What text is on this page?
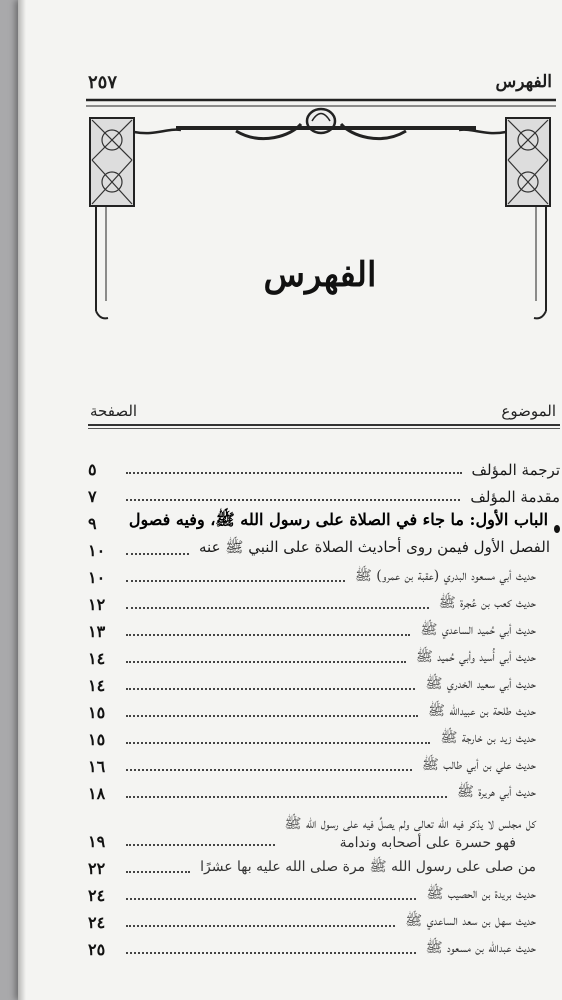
٢٥٧	الفهرس
الفهرس
الصفحة	الموضوع
ترجمة المؤلف
٥
مقدمة المؤلف
٧
الباب الأول: ما جاء في الصلاة على رسول الله ﷺ، وفيه فصول
٩
الفصل الأول فيمن روى أحاديث الصلاة على النبي ﷺ عنه
١٠
حديث أبي مسعود البدري (عقبة بن عمرو) ﷺ
١٠
حديث كعب بن عُجرة ﷺ
١٢
حديث أبي حُميد الساعدي ﷺ
١٣
حديث أبي أُسيد وأبي حُميد ﷺ
١٤
حديث أبي سعيد الخدري ﷺ
١٤
حديث طلحة بن عبيدالله ﷺ
١٥
حديث زيد بن خارجة ﷺ
١٥
حديث علي بن أبي طالب ﷺ
١٦
حديث أبي هريرة ﷺ
١٨
كل مجلس لا يذكر فيه الله تعالى ولم يصلِّ فيه على رسول الله ﷺ
فهو حسرة على أصحابه وندامة
١٩
من صلى على رسول الله ﷺ مرة صلى الله عليه بها عشرًا
٢٢
حديث بريدة بن الحصيب ﷺ
٢٤
حديث سهل بن سعد الساعدي ﷺ
٢٤
حديث عبدالله بن مسعود ﷺ
٢٥
